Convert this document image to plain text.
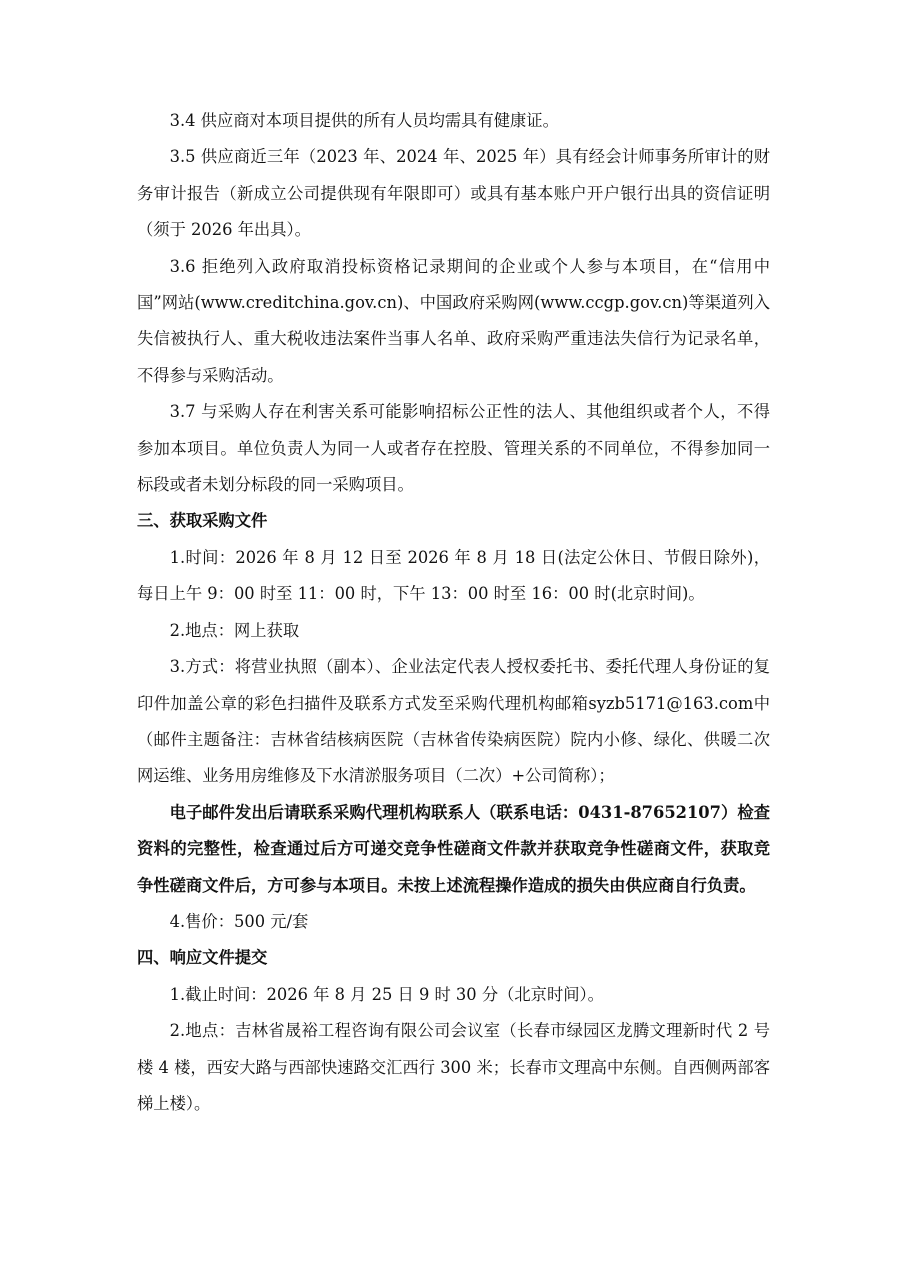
3.4 供应商对本项目提供的所有人员均需具有健康证。

3.5 供应商近三年（2023 年、2024 年、2025 年）具有经会计师事务所审计的财务审计报告（新成立公司提供现有年限即可）或具有基本账户开户银行出具的资信证明（须于 2026 年出具）。

3.6 拒绝列入政府取消投标资格记录期间的企业或个人参与本项目，在“信用中国”网站(www.creditchina.gov.cn)、中国政府采购网(www.ccgp.gov.cn)等渠道列入失信被执行人、重大税收违法案件当事人名单、政府采购严重违法失信行为记录名单，不得参与采购活动。

3.7 与采购人存在利害关系可能影响招标公正性的法人、其他组织或者个人，不得参加本项目。单位负责人为同一人或者存在控股、管理关系的不同单位，不得参加同一标段或者未划分标段的同一采购项目。

三、获取采购文件

1.时间：2026 年 8 月 12 日至 2026 年 8 月 18 日(法定公休日、节假日除外)，每日上午 9：00 时至 11：00 时，下午 13：00 时至 16：00 时(北京时间)。

2.地点：网上获取

3.方式：将营业执照（副本）、企业法定代表人授权委托书、委托代理人身份证的复印件加盖公章的彩色扫描件及联系方式发至采购代理机构邮箱syzb5171@163.com中（邮件主题备注：吉林省结核病医院（吉林省传染病医院）院内小修、绿化、供暖二次网运维、业务用房维修及下水清淤服务项目（二次）+公司简称）；

电子邮件发出后请联系采购代理机构联系人（联系电话：0431-87652107）检查资料的完整性，检查通过后方可递交竞争性磋商文件款并获取竞争性磋商文件，获取竞争性磋商文件后，方可参与本项目。未按上述流程操作造成的损失由供应商自行负责。

4.售价：500 元/套

四、响应文件提交

1.截止时间：2026 年 8 月 25 日 9 时 30 分（北京时间）。

2.地点：吉林省晟裕工程咨询有限公司会议室（长春市绿园区龙腾文理新时代 2 号楼 4 楼，西安大路与西部快速路交汇西行 300 米；长春市文理高中东侧。自西侧两部客梯上楼）。
